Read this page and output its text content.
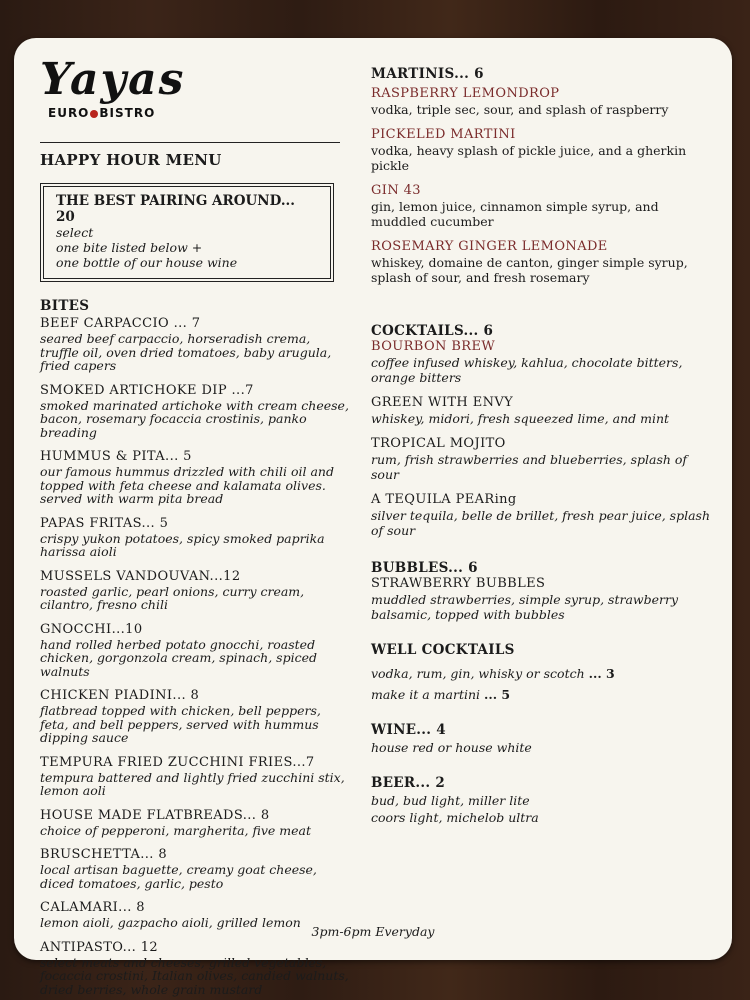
Yayas
EURO BISTRO
HAPPY HOUR MENU
THE BEST PAIRING AROUND... 20
select
one bite listed below +
one bottle of our house wine
BITES
BEEF CARPACCIO ... 7
seared beef carpaccio, horseradish crema, truffle oil, oven dried tomatoes, baby arugula, fried capers
SMOKED ARTICHOKE DIP ...7
smoked marinated artichoke with cream cheese, bacon, rosemary focaccia crostinis, panko breading
HUMMUS & PITA... 5
our famous hummus drizzled with chili oil and topped with feta cheese and kalamata olives.
served with warm pita bread
PAPAS FRITAS... 5
crispy yukon potatoes, spicy smoked paprika harissa aioli
MUSSELS VANDOUVAN...12
roasted garlic, pearl onions, curry cream, cilantro, fresno chili
GNOCCHI...10
hand rolled herbed potato gnocchi, roasted chicken, gorgonzola cream, spinach, spiced walnuts
CHICKEN PIADINI... 8
flatbread topped with chicken, bell peppers, feta, and bell peppers, served with hummus dipping sauce
TEMPURA FRIED ZUCCHINI FRIES...7
tempura battered and lightly fried zucchini stix, lemon aoli
HOUSE MADE FLATBREADS... 8
choice of pepperoni, margherita, five meat
BRUSCHETTA... 8
local artisan baguette, creamy goat cheese, diced tomatoes, garlic, pesto
CALAMARI... 8
lemon aioli, gazpacho aioli, grilled lemon
ANTIPASTO... 12
select meats and cheeses, grilled vegetables, focaccia crostini, Italian olives, candied walnuts, dried berries, whole grain mustard
MARTINIS... 6
RASPBERRY LEMONDROP
vodka, triple sec, sour, and splash of raspberry
PICKELED MARTINI
vodka, heavy splash of pickle juice, and a gherkin pickle
GIN 43
gin, lemon juice, cinnamon simple syrup, and muddled cucumber
ROSEMARY GINGER LEMONADE
whiskey, domaine de canton, ginger simple syrup, splash of sour, and fresh rosemary
COCKTAILS... 6
BOURBON BREW
coffee infused whiskey, kahlua, chocolate bitters, orange bitters
GREEN WITH ENVY
whiskey, midori, fresh squeezed lime, and mint
TROPICAL MOJITO
rum, frish strawberries and blueberries, splash of sour
A TEQUILA PEARing
silver tequila, belle de brillet, fresh pear juice, splash of sour
BUBBLES... 6
STRAWBERRY BUBBLES
muddled strawberries, simple syrup, strawberry balsamic, topped with bubbles
WELL COCKTAILS
vodka, rum, gin, whisky or scotch ... 3
make it a martini ... 5
WINE... 4
house red or house white
BEER... 2
bud, bud light, miller lite
coors light, michelob ultra
3pm-6pm Everyday
